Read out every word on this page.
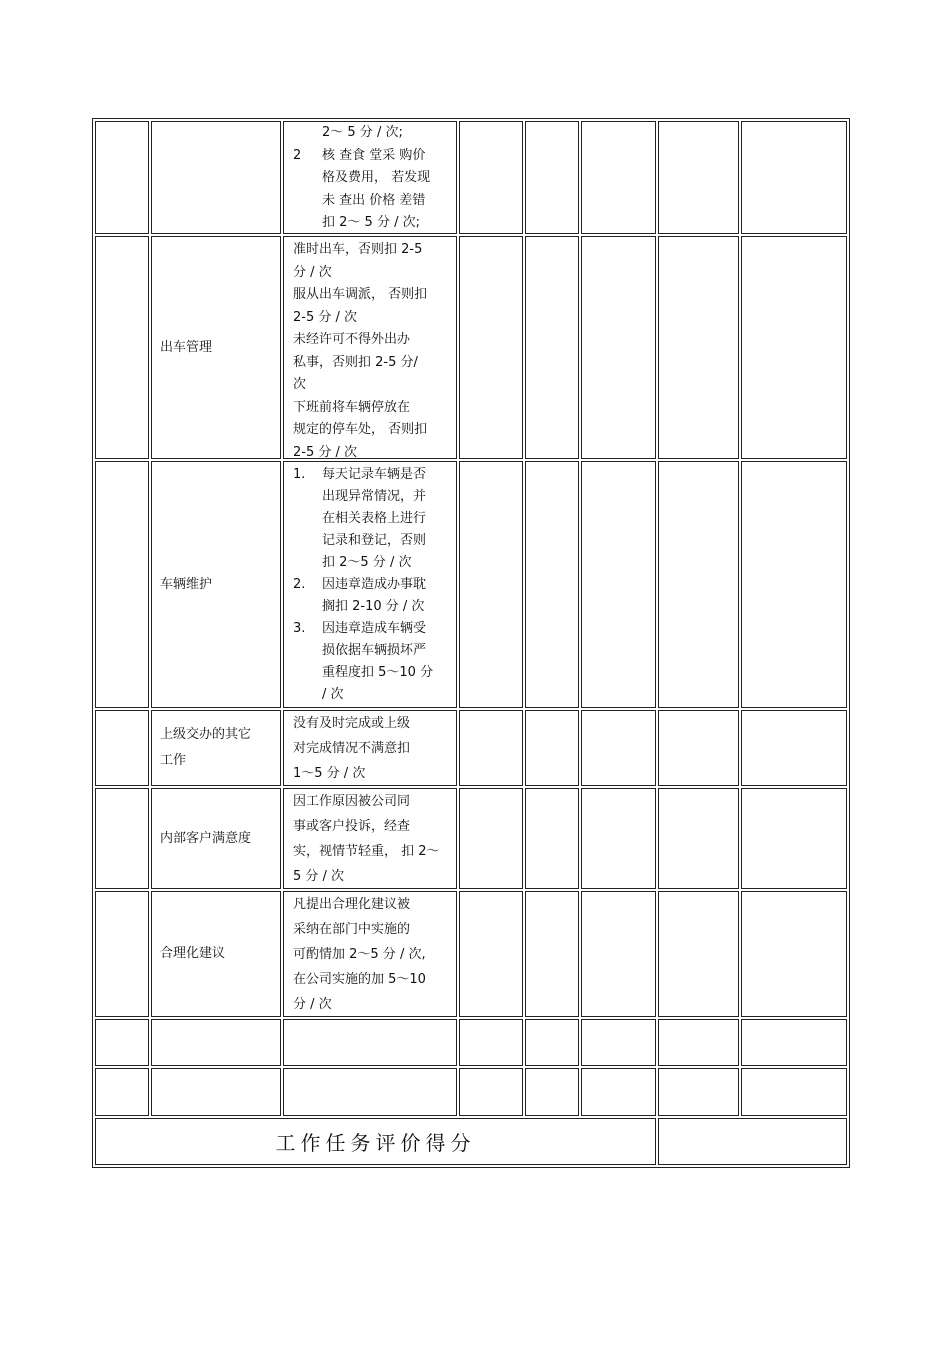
2～ 5 分 / 次;
2 核 查食 堂采 购价
格及费用， 若发现
未 查出 价格 差错
扣 2～ 5 分 / 次;
出车管理
准时出车，否则扣 2-5
分 / 次
服从出车调派， 否则扣
2-5 分 / 次
未经许可不得外出办
私事，否则扣 2-5 分/
次
下班前将车辆停放在
规定的停车处， 否则扣
2-5 分 / 次
车辆维护
1. 每天记录车辆是否
出现异常情况，并
在相关表格上进行
记录和登记，否则
扣 2～5 分 / 次
2. 因违章造成办事耽
搁扣 2-10 分 / 次
3. 因违章造成车辆受
损依据车辆损坏严
重程度扣 5～10 分
/ 次
上级交办的其它
工作
没有及时完成或上级
对完成情况不满意扣
1～5 分 / 次
内部客户满意度
因工作原因被公司同
事或客户投诉，经查
实，视情节轻重， 扣 2～
5 分 / 次
合理化建议
凡提出合理化建议被
采纳在部门中实施的
可酌情加 2～5 分 / 次,
在公司实施的加 5～10
分 / 次
工作任务评价得分
